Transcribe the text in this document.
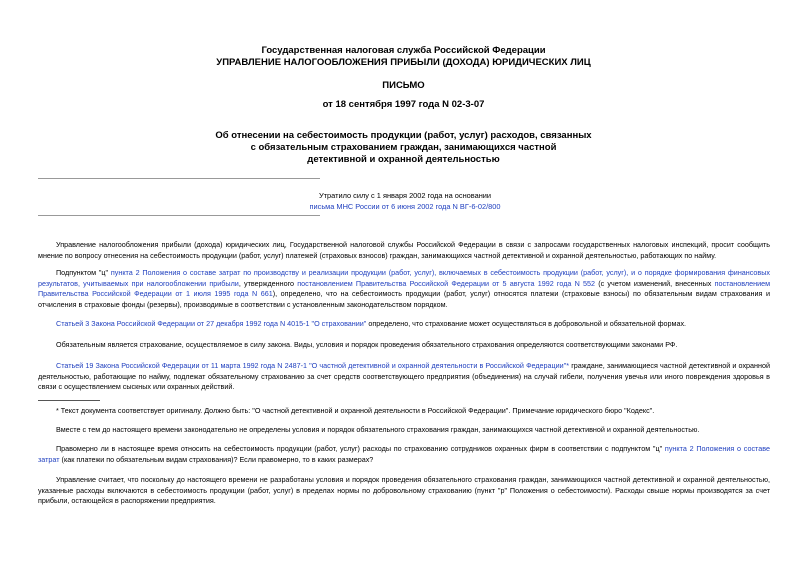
Государственная налоговая служба Российской Федерации
УПРАВЛЕНИЕ НАЛОГООБЛОЖЕНИЯ ПРИБЫЛИ (ДОХОДА) ЮРИДИЧЕСКИХ ЛИЦ
ПИСЬМО
от 18 сентября 1997 года N 02-3-07
Об отнесении на себестоимость продукции (работ, услуг) расходов, связанных
с обязательным страхованием граждан, занимающихся частной
детективной и охранной деятельностью
Утратило силу с 1 января 2002 года на основании
письма МНС России от 6 июня 2002 года N ВГ-6-02/800
Управление налогообложения прибыли (дохода) юридических лиц, Государственной налоговой службы Российской Федерации в связи с запросами государственных налоговых инспекций, просит сообщить мнение по вопросу отнесения на себестоимость продукции (работ, услуг) платежей (страховых взносов) граждан, занимающихся частной детективной и охранной деятельностью, работающих по найму.
Подпунктом "ц" пункта 2 Положения о составе затрат по производству и реализации продукции (работ, услуг), включаемых в себестоимость продукции (работ, услуг), и о порядке формирования финансовых результатов, учитываемых при налогообложении прибыли, утвержденного постановлением Правительства Российской Федерации от 5 августа 1992 года N 552 (с учетом изменений, внесенных постановлением Правительства Российской Федерации от 1 июля 1995 года N 661), определено, что на себестоимость продукции (работ, услуг) относятся платежи (страховые взносы) по обязательным видам страхования и отчисления в страховые фонды (резервы), производимые в соответствии с установленным законодательством порядком.
Статьей 3 Закона Российской Федерации от 27 декабря 1992 года N 4015-1 "О страховании" определено, что страхование может осуществляться в добровольной и обязательной формах.
Обязательным является страхование, осуществляемое в силу закона. Виды, условия и порядок проведения обязательного страхования определяются соответствующими законами РФ.
Статьей 19 Закона Российской Федерации от 11 марта 1992 года N 2487-1 "О частной детективной и охранной деятельности в Российской Федерации"* граждане, занимающиеся частной детективной и охранной деятельностью, работающие по найму, подлежат обязательному страхованию за счет средств соответствующего предприятия (объединения) на случай гибели, получения увечья или иного повреждения здоровья в связи с осуществлением сыскных или охранных действий.
* Текст документа соответствует оригиналу. Должно быть: "О частной детективной и охранной деятельности в Российской Федерации". Примечание юридического бюро "Кодекс".
Вместе с тем до настоящего времени законодательно не определены условия и порядок обязательного страхования граждан, занимающихся частной детективной и охранной деятельностью.
Правомерно ли в настоящее время относить на себестоимость продукции (работ, услуг) расходы по страхованию сотрудников охранных фирм в соответствии с подпунктом "ц" пункта 2 Положения о составе затрат (как платежи по обязательным видам страхования)? Если правомерно, то в каких размерах?
Управление считает, что поскольку до настоящего времени не разработаны условия и порядок проведения обязательного страхования граждан, занимающихся частной детективной и охранной деятельностью, указанные расходы включаются в себестоимость продукции (работ, услуг) в пределах нормы по добровольному страхованию (пункт "р" Положения о себестоимости). Расходы свыше нормы производятся за счет прибыли, остающейся в распоряжении предприятия.
